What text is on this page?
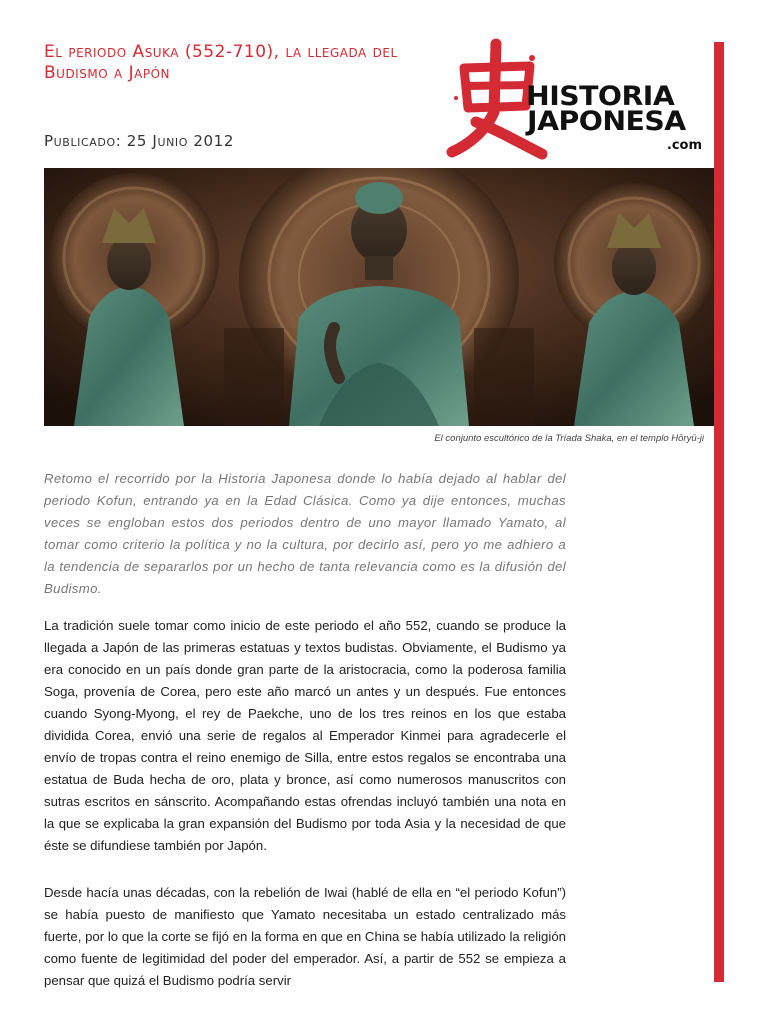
El periodo Asuka (552-710), la llegada del Budismo a Japón
Publicado: 25 Junio 2012
HISTORIA
JAPONESA
.com
El conjunto escultórico de la Tríada Shaka, en el templo Hōryū-ji

Retomo el recorrido por la Historia Japonesa donde lo había dejado al hablar del periodo Kofun, entrando ya en la Edad Clásica. Como ya dije entonces, muchas veces se engloban estos dos periodos dentro de uno mayor llamado Yamato, al tomar como criterio la política y no la cultura, por decirlo así, pero yo me adhiero a la tendencia de separarlos por un hecho de tanta relevancia como es la difusión del Budismo.

La tradición suele tomar como inicio de este periodo el año 552, cuando se produce la llegada a Japón de las primeras estatuas y textos budistas. Obviamente, el Budismo ya era conocido en un país donde gran parte de la aristocracia, como la poderosa familia Soga, provenía de Corea, pero este año marcó un antes y un después. Fue entonces cuando Syong-Myong, el rey de Paekche, uno de los tres reinos en los que estaba dividida Corea, envió una serie de regalos al Emperador Kinmei para agradecerle el envío de tropas contra el reino enemigo de Silla, entre estos regalos se encontraba una estatua de Buda hecha de oro, plata y bronce, así como numerosos manuscritos con sutras escritos en sánscrito. Acompañando estas ofrendas incluyó también una nota en la que se explicaba la gran expansión del Budismo por toda Asia y la necesidad de que éste se difundiese también por Japón.

Desde hacía unas décadas, con la rebelión de Iwai (hablé de ella en “el periodo Kofun”) se había puesto de manifiesto que Yamato necesitaba un estado centralizado más fuerte, por lo que la corte se fijó en la forma en que en China se había utilizado la religión como fuente de legitimidad del poder del emperador. Así, a partir de 552 se empieza a pensar que quizá el Budismo podría servir
